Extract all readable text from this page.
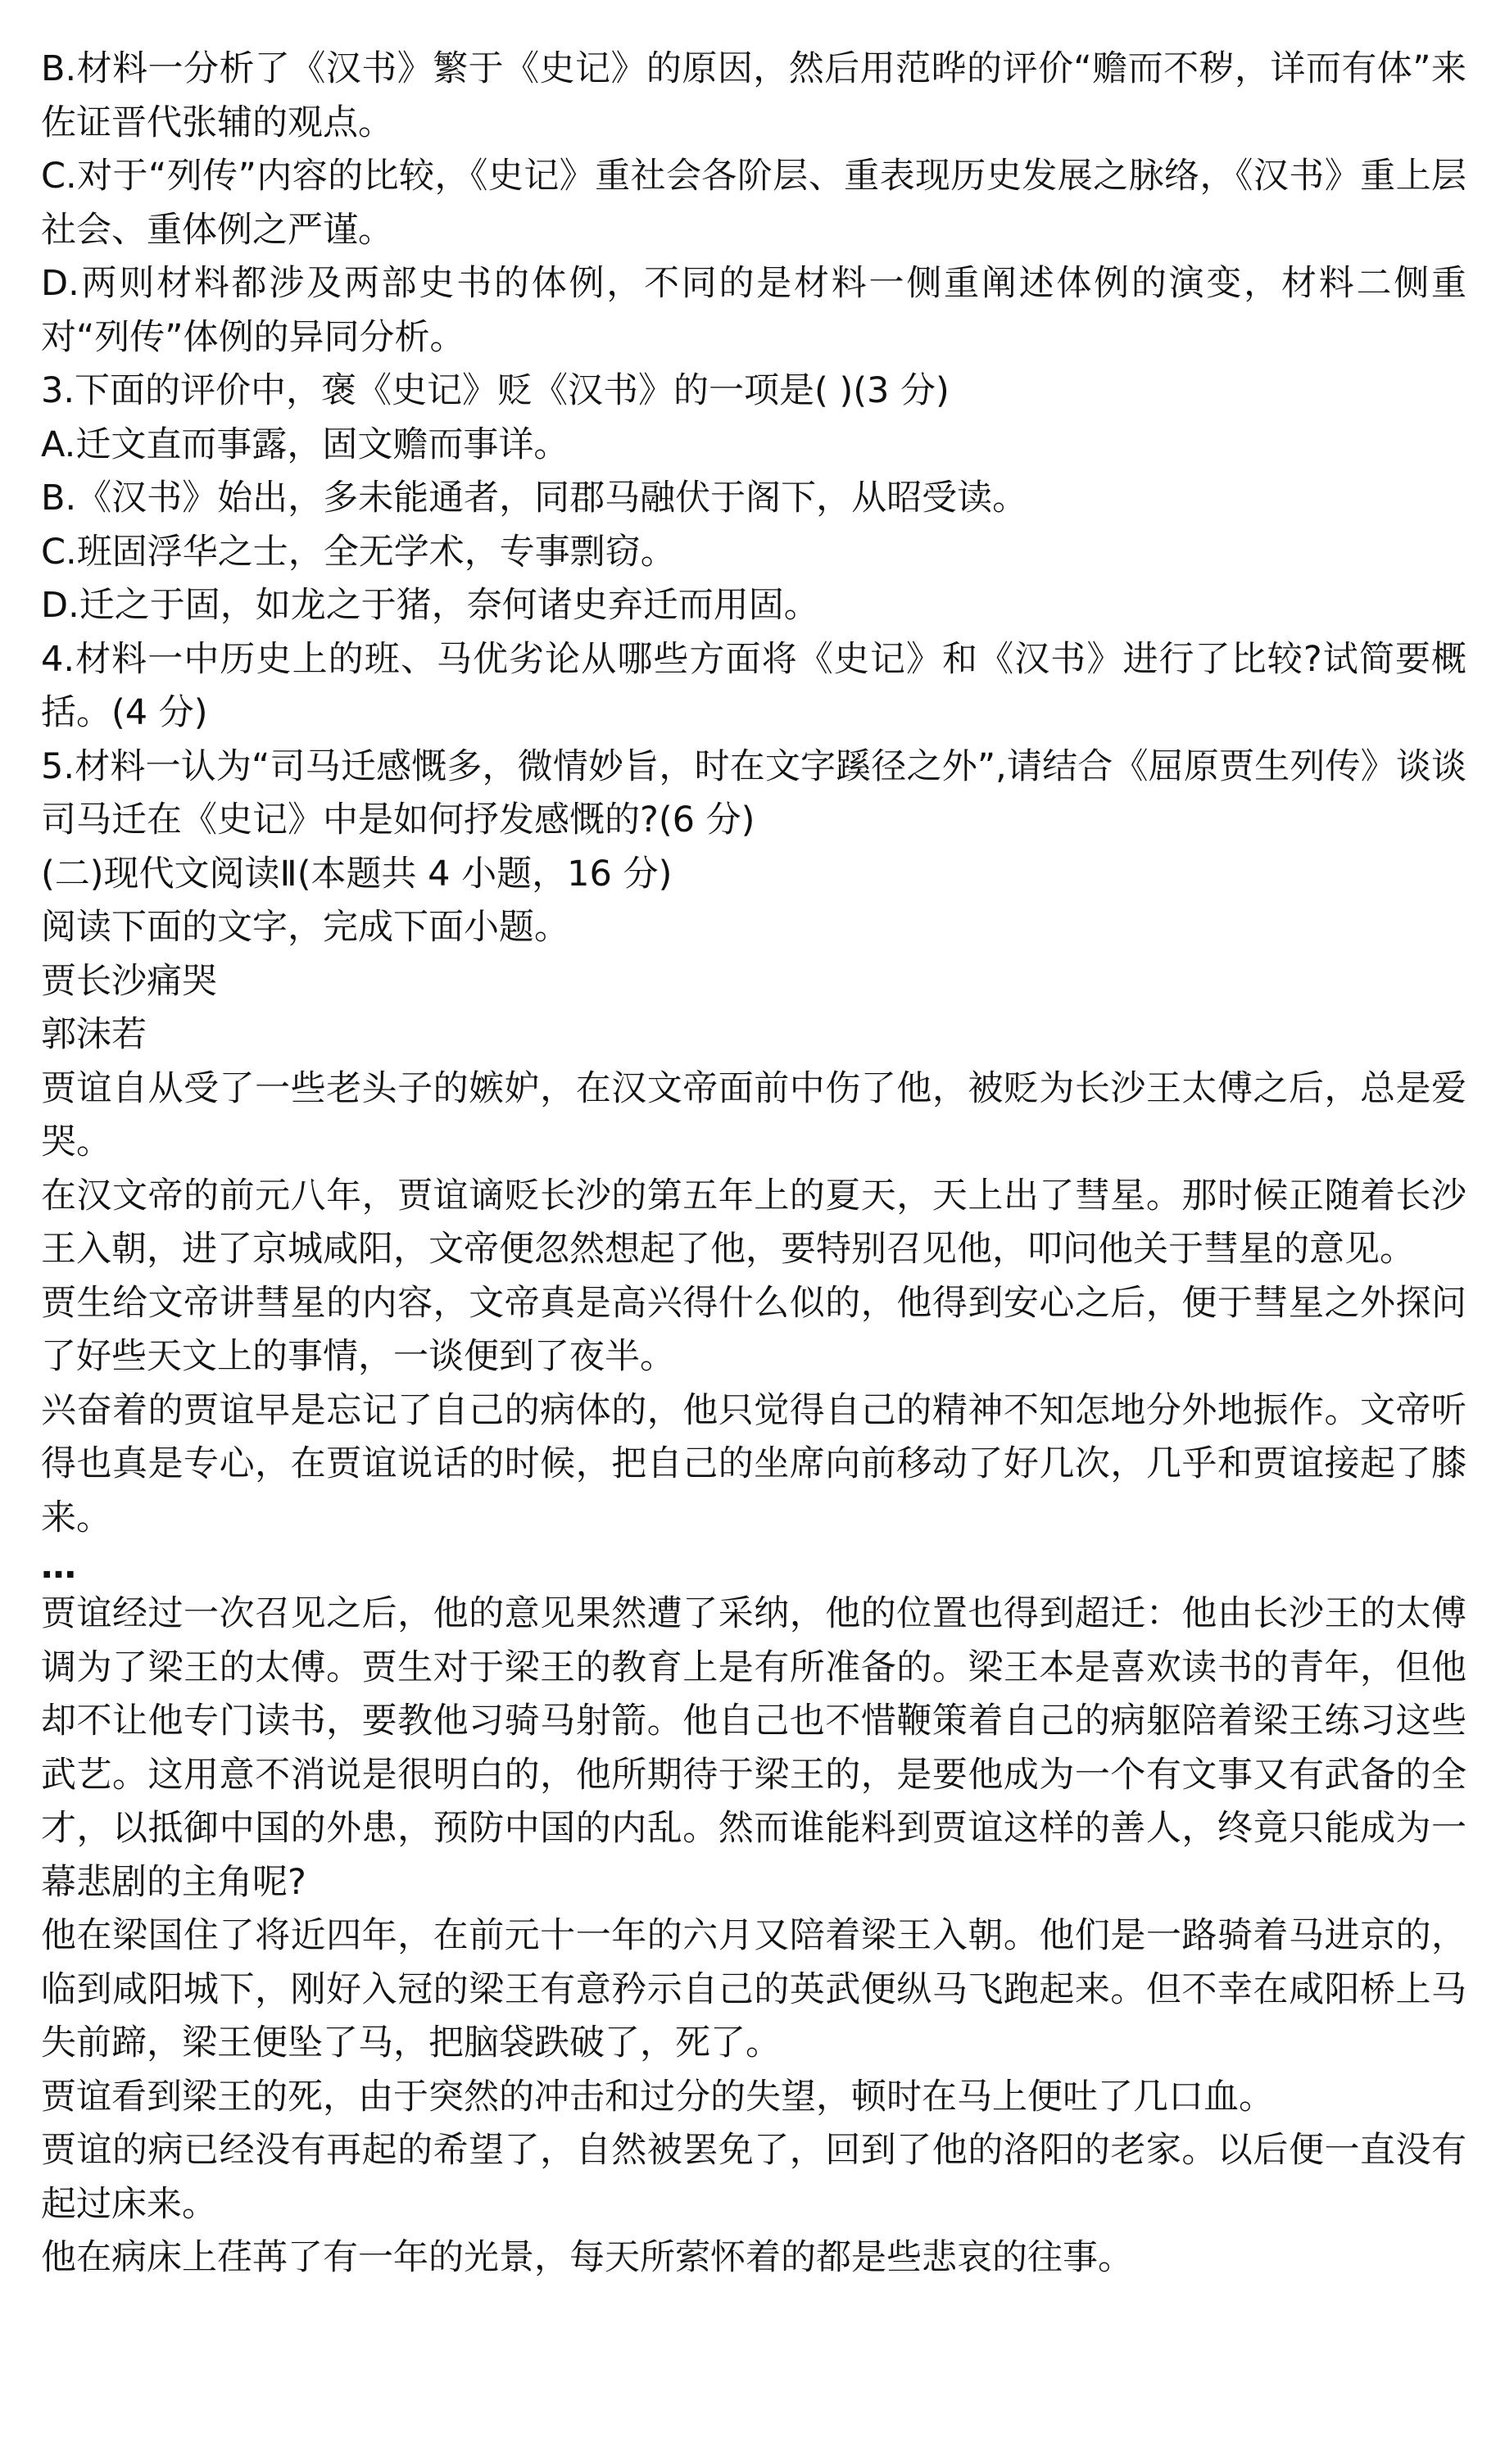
B.材料一分析了《汉书》繁于《史记》的原因，然后用范晔的评价“赡而不秽，详而有体”来佐证晋代张辅的观点。

C.对于“列传”内容的比较，《史记》重社会各阶层、重表现历史发展之脉络，《汉书》重上层社会、重体例之严谨。

D.两则材料都涉及两部史书的体例，不同的是材料一侧重阐述体例的演变，材料二侧重对“列传”体例的异同分析。

3.下面的评价中，褒《史记》贬《汉书》的一项是( )(3 分)

A.迁文直而事露，固文赡而事详。

B.《汉书》始出，多未能通者，同郡马融伏于阁下，从昭受读。

C.班固浮华之士，全无学术，专事剽窃。

D.迁之于固，如龙之于猪，奈何诸史弃迁而用固。

4.材料一中历史上的班、马优劣论从哪些方面将《史记》和《汉书》进行了比较?试简要概括。(4 分)

5.材料一认为“司马迁感慨多，微情妙旨，时在文字蹊径之外”,请结合《屈原贾生列传》谈谈司马迁在《史记》中是如何抒发感慨的?(6 分)

(二)现代文阅读Ⅱ(本题共 4 小题，16 分)

阅读下面的文字，完成下面小题。

贾长沙痛哭

郭沫若

贾谊自从受了一些老头子的嫉妒，在汉文帝面前中伤了他，被贬为长沙王太傅之后，总是爱哭。

在汉文帝的前元八年，贾谊谪贬长沙的第五年上的夏天，天上出了彗星。那时候正随着长沙王入朝，进了京城咸阳，文帝便忽然想起了他，要特别召见他，叩问他关于彗星的意见。

贾生给文帝讲彗星的内容，文帝真是高兴得什么似的，他得到安心之后，便于彗星之外探问了好些天文上的事情，一谈便到了夜半。

兴奋着的贾谊早是忘记了自己的病体的，他只觉得自己的精神不知怎地分外地振作。文帝听得也真是专心，在贾谊说话的时候，把自己的坐席向前移动了好几次，几乎和贾谊接起了膝来。

…

贾谊经过一次召见之后，他的意见果然遭了采纳，他的位置也得到超迁：他由长沙王的太傅调为了梁王的太傅。贾生对于梁王的教育上是有所准备的。梁王本是喜欢读书的青年，但他却不让他专门读书，要教他习骑马射箭。他自己也不惜鞭策着自己的病躯陪着梁王练习这些武艺。这用意不消说是很明白的，他所期待于梁王的，是要他成为一个有文事又有武备的全才，以抵御中国的外患，预防中国的内乱。然而谁能料到贾谊这样的善人，终竟只能成为一幕悲剧的主角呢?

他在梁国住了将近四年，在前元十一年的六月又陪着梁王入朝。他们是一路骑着马进京的，临到咸阳城下，刚好入冠的梁王有意矜示自己的英武便纵马飞跑起来。但不幸在咸阳桥上马失前蹄，梁王便坠了马，把脑袋跌破了，死了。

贾谊看到梁王的死，由于突然的冲击和过分的失望，顿时在马上便吐了几口血。

贾谊的病已经没有再起的希望了，自然被罢免了，回到了他的洛阳的老家。以后便一直没有起过床来。

他在病床上荏苒了有一年的光景，每天所萦怀着的都是些悲哀的往事。
